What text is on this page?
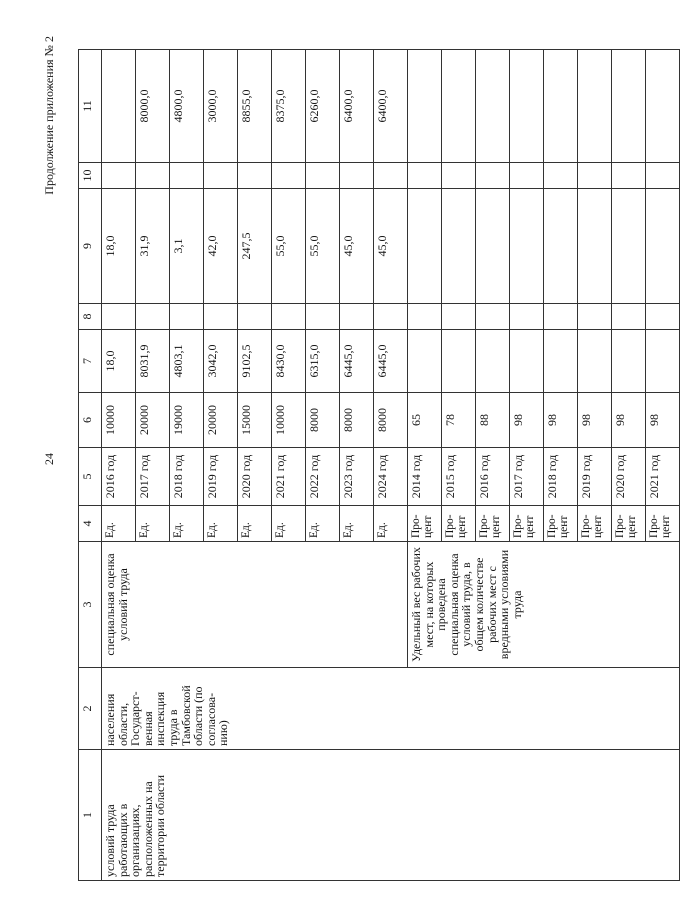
24
Продолжение приложения № 2
1	2	3	4	5	6	7	8	9	10	11
условий труда работающих в организациях, расположенных на территории области	населения области, Государст-венная инспекция труда в Тамбовской области (по согласова-нию)	специальная оценка условий труда	Ед.	2016 год	10000	18,0		18,0		
			Ед.	2017 год	20000	8031,9		31,9		8000,0
			Ед.	2018 год	19000	4803,1		3,1		4800,0
			Ед.	2019 год	20000	3042,0		42,0		3000,0
			Ед.	2020 год	15000	9102,5		247,5		8855,0
			Ед.	2021 год	10000	8430,0		55,0		8375,0
			Ед.	2022 год	8000	6315,0		55,0		6260,0
			Ед.	2023 год	8000	6445,0		45,0		6400,0
			Ед.	2024 год	8000	6445,0		45,0		6400,0
		Удельный вес рабочих мест, на которых проведена специальная оценка условий труда, в общем количестве рабочих мест с вредными условиями труда	Про-цент	2014 год	65					
			Про-цент	2015 год	78					
			Про-цент	2016 год	88					
			Про-цент	2017 год	98					
			Про-цент	2018 год	98					
			Про-цент	2019 год	98					
			Про-цент	2020 год	98					
			Про-цент	2021 год	98					
